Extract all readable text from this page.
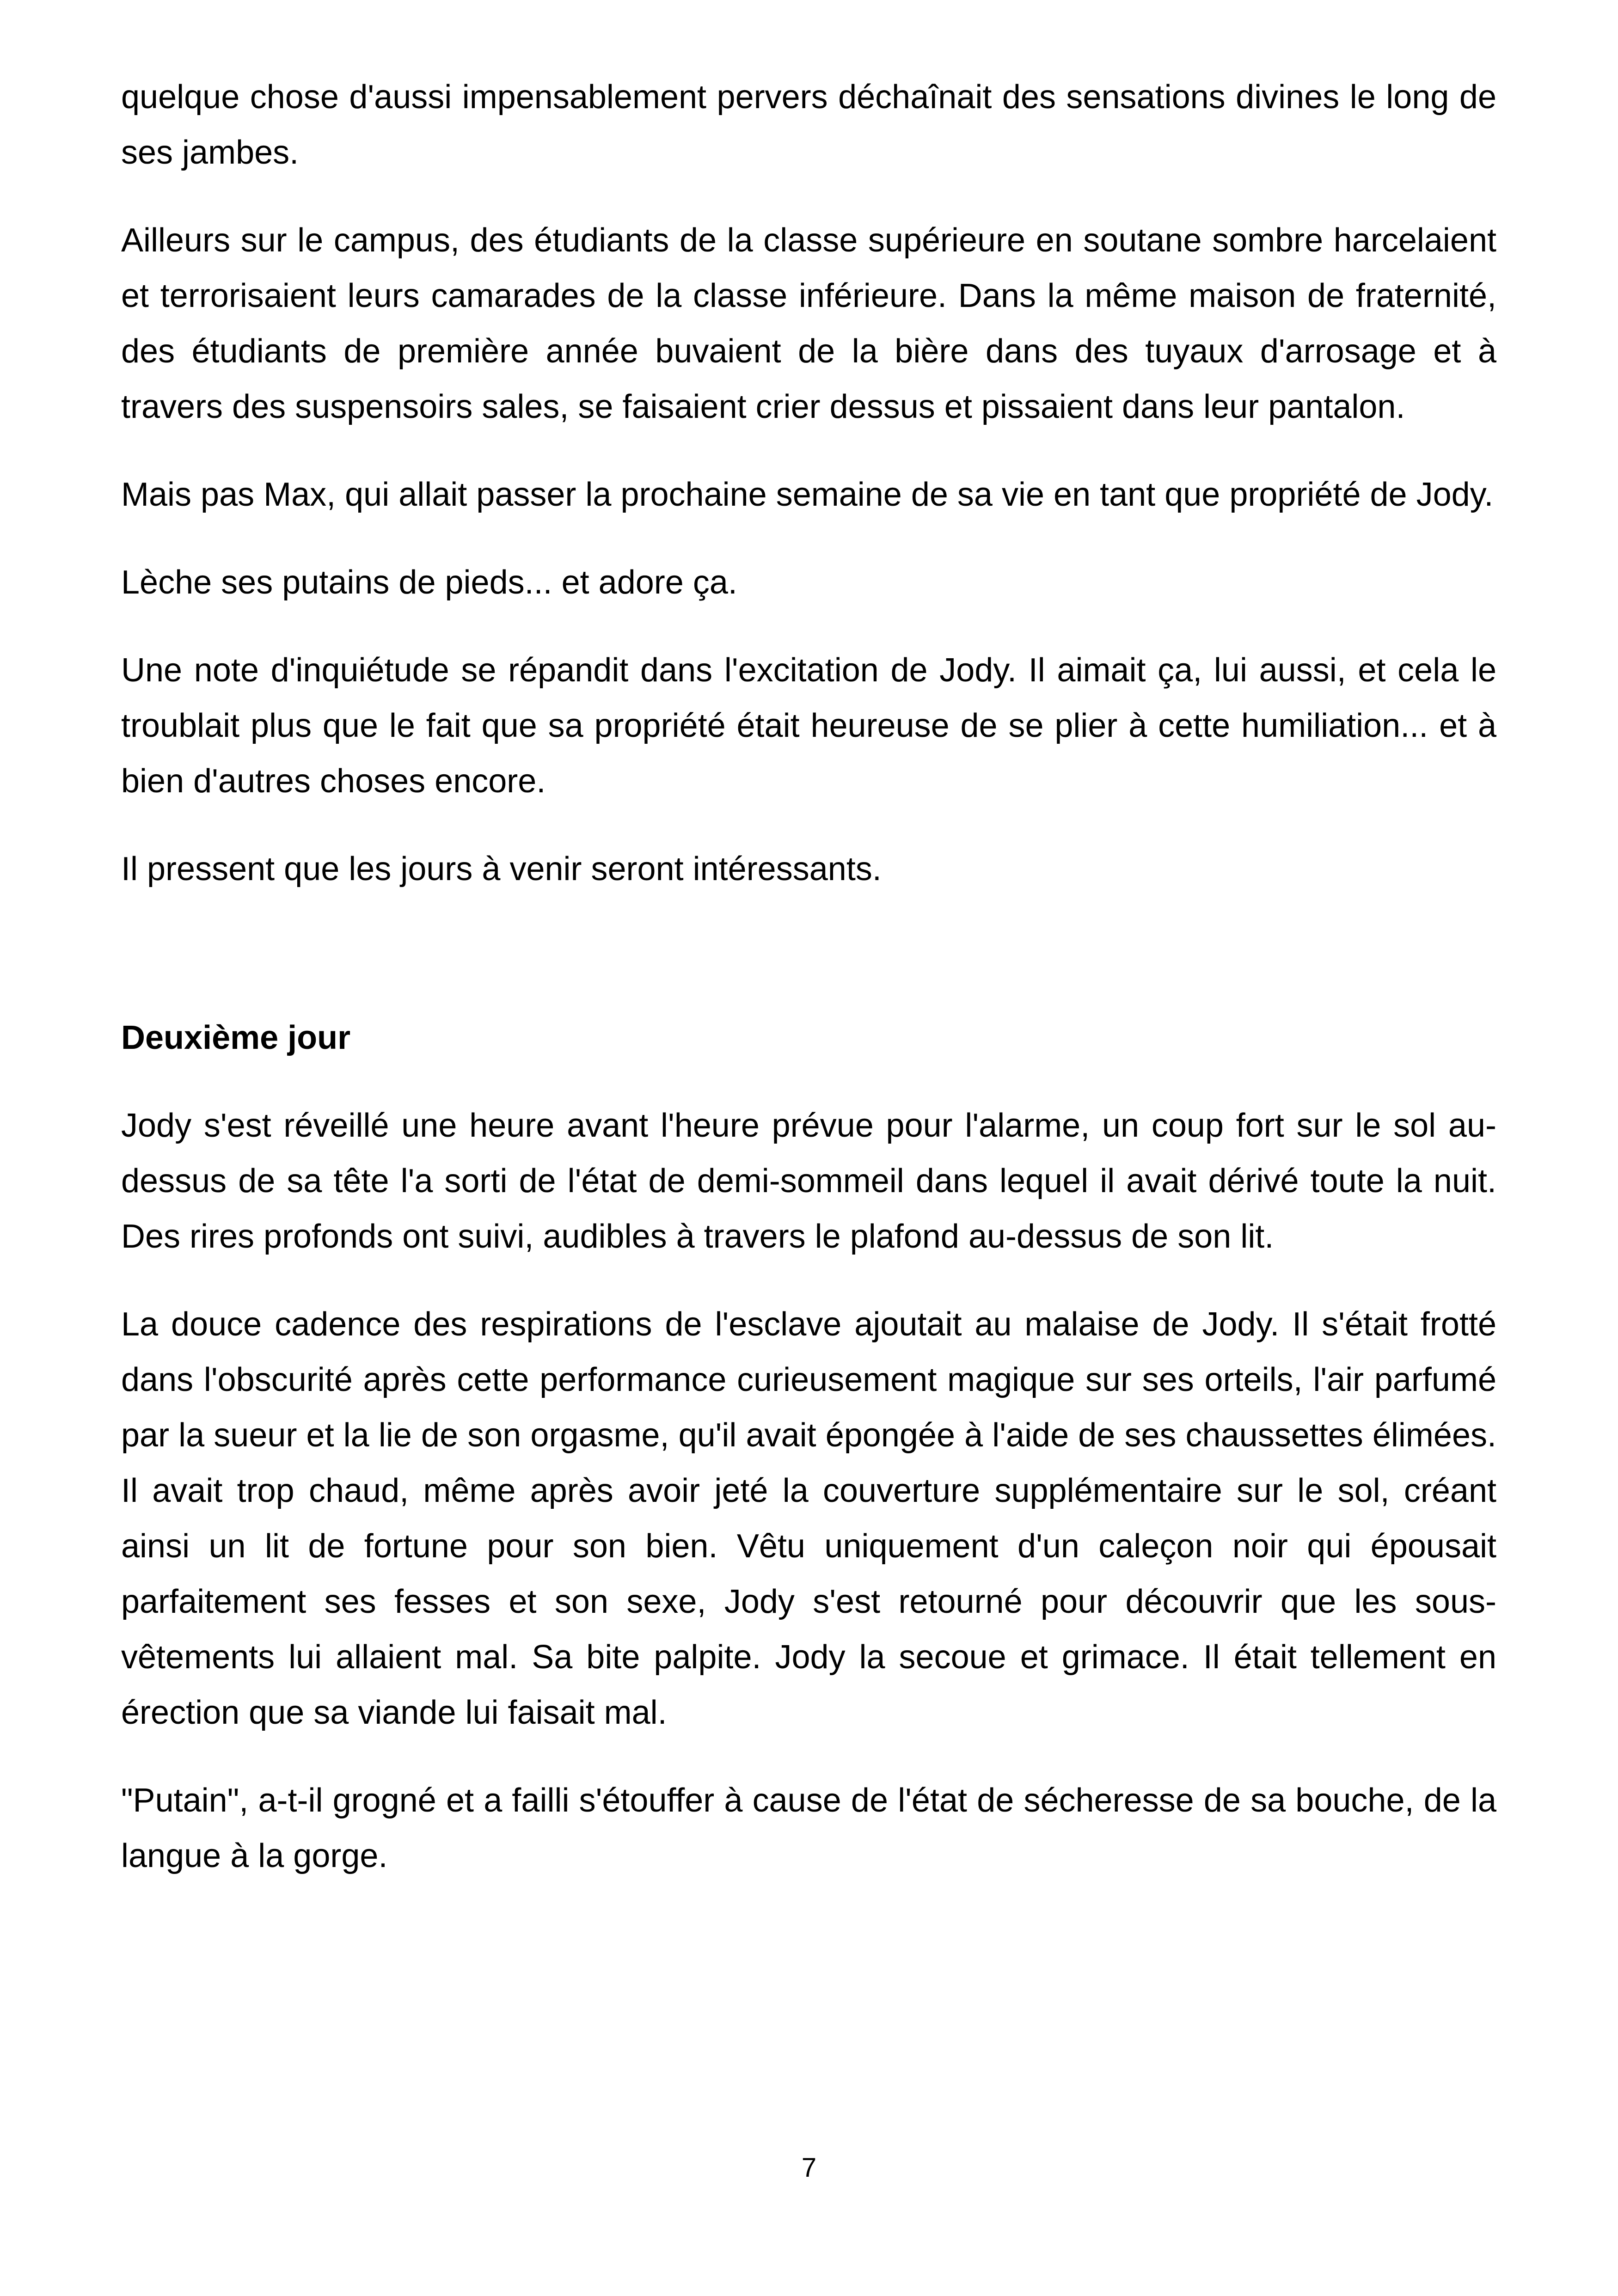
quelque chose d'aussi impensablement pervers déchaînait des sensations divines le long de ses jambes.

Ailleurs sur le campus, des étudiants de la classe supérieure en soutane sombre harcelaient et terrorisaient leurs camarades de la classe inférieure. Dans la même maison de fraternité, des étudiants de première année buvaient de la bière dans des tuyaux d'arrosage et à travers des suspensoirs sales, se faisaient crier dessus et pissaient dans leur pantalon.

Mais pas Max, qui allait passer la prochaine semaine de sa vie en tant que propriété de Jody.

Lèche ses putains de pieds... et adore ça.

Une note d'inquiétude se répandit dans l'excitation de Jody. Il aimait ça, lui aussi, et cela le troublait plus que le fait que sa propriété était heureuse de se plier à cette humiliation... et à bien d'autres choses encore.

Il pressent que les jours à venir seront intéressants.

Deuxième jour

Jody s'est réveillé une heure avant l'heure prévue pour l'alarme, un coup fort sur le sol au-dessus de sa tête l'a sorti de l'état de demi-sommeil dans lequel il avait dérivé toute la nuit. Des rires profonds ont suivi, audibles à travers le plafond au-dessus de son lit.

La douce cadence des respirations de l'esclave ajoutait au malaise de Jody. Il s'était frotté dans l'obscurité après cette performance curieusement magique sur ses orteils, l'air parfumé par la sueur et la lie de son orgasme, qu'il avait épongée à l'aide de ses chaussettes élimées. Il avait trop chaud, même après avoir jeté la couverture supplémentaire sur le sol, créant ainsi un lit de fortune pour son bien. Vêtu uniquement d'un caleçon noir qui épousait parfaitement ses fesses et son sexe, Jody s'est retourné pour découvrir que les sous-vêtements lui allaient mal. Sa bite palpite. Jody la secoue et grimace. Il était tellement en érection que sa viande lui faisait mal.

"Putain", a-t-il grogné et a failli s'étouffer à cause de l'état de sécheresse de sa bouche, de la langue à la gorge.

7
